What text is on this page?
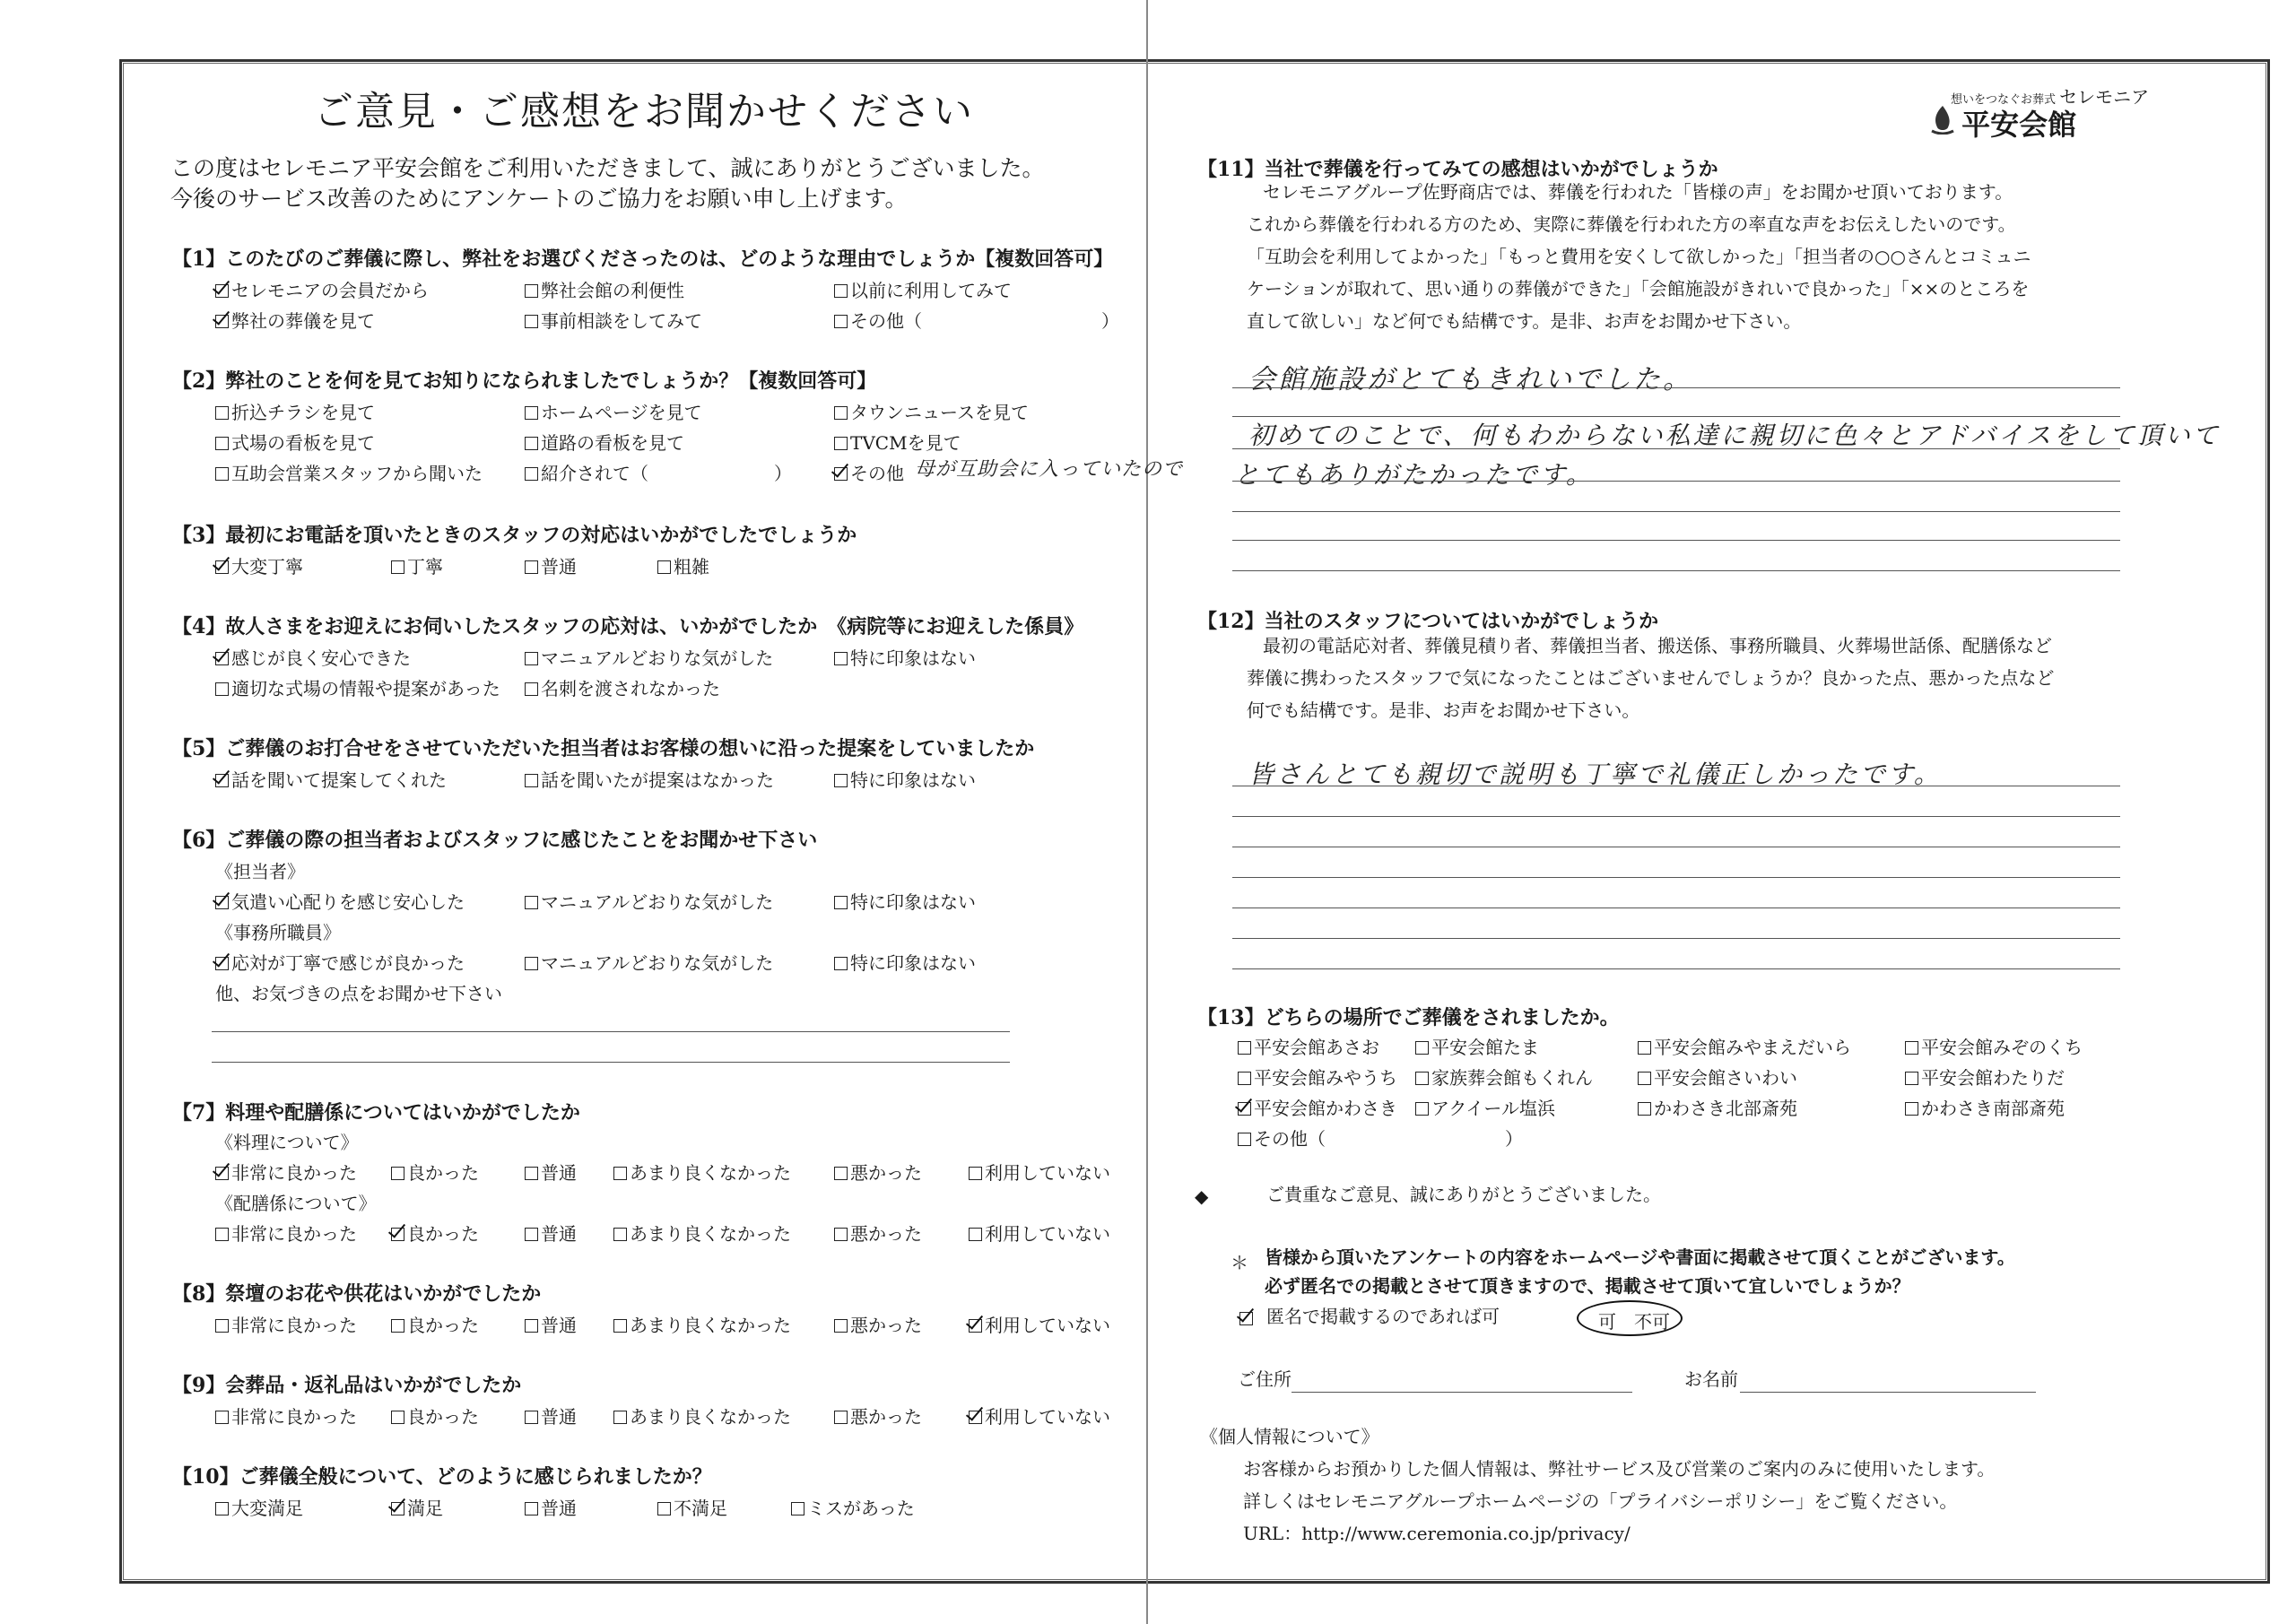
ご意見・ご感想をお聞かせください
この度はセレモニア平安会館をご利用いただきまして、誠にありがとうございました。
今後のサービス改善のためにアンケートのご協力をお願い申し上げます。
【1】このたびのご葬儀に際し、弊社をお選びくださったのは、どのような理由でしょうか【複数回答可】
セレモニアの会員だから	弊社会館の利便性	以前に利用してみて
弊社の葬儀を見て	事前相談をしてみて	その他（　　　　　　　　　　）
【2】弊社のことを何を見てお知りになられましたでしょうか？【複数回答可】
折込チラシを見て	ホームページを見て	タウンニュースを見て
式場の看板を見て	道路の看板を見て	TVCMを見て
互助会営業スタッフから聞いた	紹介されて（　　　　　　　）	その他 母が互助会に入っていたので
【3】最初にお電話を頂いたときのスタッフの対応はいかがでしたでしょうか
大変丁寧	丁寧	普通	粗雑
【4】故人さまをお迎えにお伺いしたスタッフの応対は、いかがでしたか　《病院等にお迎えした係員》
感じが良く安心できた	マニュアルどおりな気がした	特に印象はない
適切な式場の情報や提案があった	名刺を渡されなかった
【5】ご葬儀のお打合せをさせていただいた担当者はお客様の想いに沿った提案をしていましたか
話を聞いて提案してくれた	話を聞いたが提案はなかった	特に印象はない
【6】ご葬儀の際の担当者およびスタッフに感じたことをお聞かせ下さい
《担当者》
気遣い心配りを感じ安心した	マニュアルどおりな気がした	特に印象はない
《事務所職員》
応対が丁寧で感じが良かった	マニュアルどおりな気がした	特に印象はない
他、お気づきの点をお聞かせ下さい
【7】料理や配膳係についてはいかがでしたか
《料理について》
非常に良かった	良かった	普通	あまり良くなかった	悪かった	利用していない
《配膳係について》
非常に良かった	良かった	普通	あまり良くなかった	悪かった	利用していない
【8】祭壇のお花や供花はいかがでしたか
非常に良かった	良かった	普通	あまり良くなかった	悪かった	利用していない
【9】会葬品・返礼品はいかがでしたか
非常に良かった	良かった	普通	あまり良くなかった	悪かった	利用していない
【10】ご葬儀全般について、どのように感じられましたか？
大変満足	満足	普通	不満足	ミスがあった
想いをつなぐお葬式 セレモニア
平安会館
【11】当社で葬儀を行ってみての感想はいかがでしょうか
セレモニアグループ佐野商店では、葬儀を行われた「皆様の声」をお聞かせ頂いております。
これから葬儀を行われる方のため、実際に葬儀を行われた方の率直な声をお伝えしたいのです。
「互助会を利用してよかった」「もっと費用を安くして欲しかった」「担当者の○○さんとコミュニ
ケーションが取れて、思い通りの葬儀ができた」「会館施設がきれいで良かった」「××のところを
直して欲しい」など何でも結構です。是非、お声をお聞かせ下さい。
会館施設がとてもきれいでした。
初めてのことで、何もわからない私達に親切に色々とアドバイスをして頂いて
とてもありがたかったです。
【12】当社のスタッフについてはいかがでしょうか
最初の電話応対者、葬儀見積り者、葬儀担当者、搬送係、事務所職員、火葬場世話係、配膳係など
葬儀に携わったスタッフで気になったことはございませんでしょうか？良かった点、悪かった点など
何でも結構です。是非、お声をお聞かせ下さい。
皆さんとても親切で説明も丁寧で礼儀正しかったです。
【13】どちらの場所でご葬儀をされましたか。
平安会館あさお	平安会館たま	平安会館みやまえだいら	平安会館みぞのくち
平安会館みやうち	家族葬会館もくれん	平安会館さいわい	平安会館わたりだ
平安会館かわさき	アクイール塩浜	かわさき北部斎苑	かわさき南部斎苑
その他（　　　　　　　　　　）
◆	ご貴重なご意見、誠にありがとうございました。
＊ 皆様から頂いたアンケートの内容をホームページや書面に掲載させて頂くことがございます。
必ず匿名での掲載とさせて頂きますので、掲載させて頂いて宜しいでしょうか？
匿名で掲載するのであれば可	可　不可
ご住所	お名前
《個人情報について》
お客様からお預かりした個人情報は、弊社サービス及び営業のご案内のみに使用いたします。
詳しくはセレモニアグループホームページの「プライバシーポリシー」をご覧ください。
URL：http://www.ceremonia.co.jp/privacy/
